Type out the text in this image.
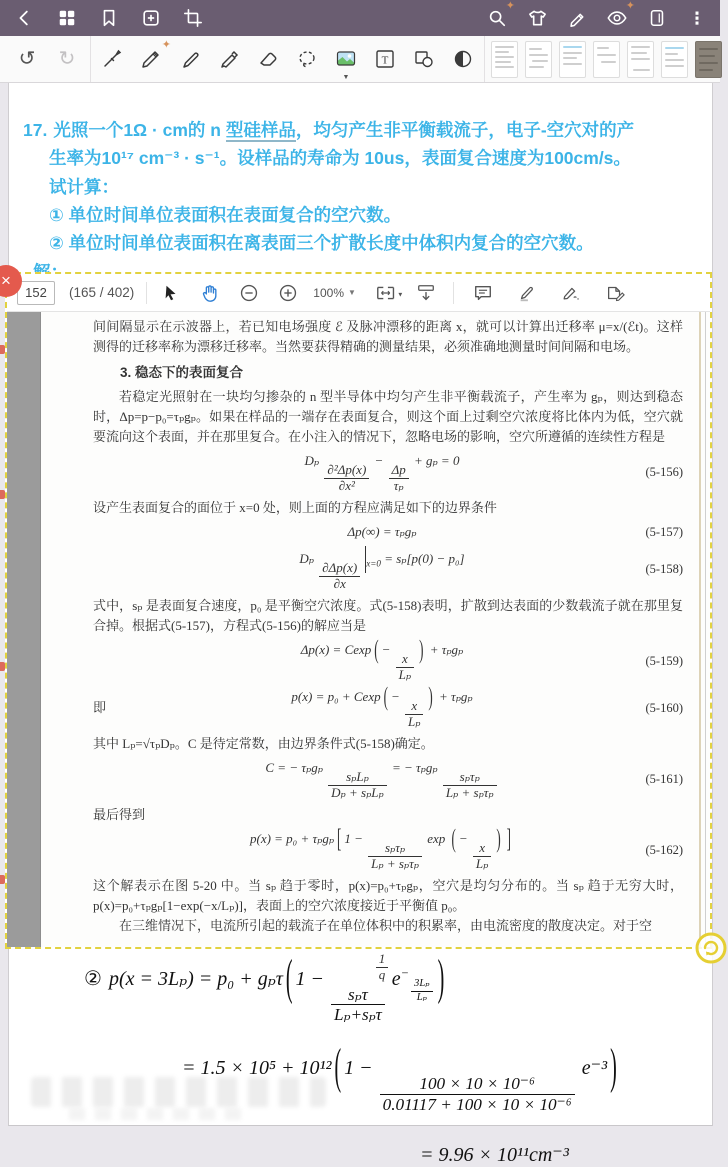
✦	✦
⋮
↺ ↻
✦
▼
T
17. 光照一个1Ω · cm的 n 型硅样品，均匀产生非平衡载流子，电子-空穴对的产
生率为10¹⁷ cm⁻³ · s⁻¹。设样品的寿命为 10us，表面复合速度为100cm/s。
试计算：
① 单位时间单位表面积在表面复合的空穴数。
② 单位时间单位表面积在离表面三个扩散长度中体积内复合的空穴数。
×
152	(165 / 402)	100% ▼	▼

间间隔显示在示波器上，若已知电场强度 ℰ 及脉冲漂移的距离 x，就可以计算出迁移率 μ=x/(ℰt)。这样测得的迁移率称为漂移迁移率。当然要获得精确的测量结果，必须准确地测量时间间隔和电场。

3. 稳态下的表面复合

若稳定光照射在一块均匀掺杂的 n 型半导体中均匀产生非平衡载流子，产生率为 gₚ，则达到稳态时，Δp=p−p₀=τₚgₚ。如果在样品的一端存在表面复合，则这个面上过剩空穴浓度将比体内为低，空穴就要流向这个表面，并在那里复合。在小注入的情况下，忽略电场的影响，空穴所遵循的连续性方程是

Dₚ
$\frac{\text{∂²Δp(x)}}{\text{∂x²}}$
−
$\frac{\Delta p}{\text{τₚ}}$
+ gₚ = 0
(5-156)

设产生表面复合的面位于 x=0 处，则上面的方程应满足如下的边界条件

Δp(∞) = τₚgₚ	(5-157)
Dₚ
$\frac{\partial\Delta p(x)}{\partial x} _{x=0} = s_p[p(0) - p_0]$
(5-158)

式中，sₚ 是表面复合速度，p₀ 是平衡空穴浓度。式(5-158)表明，扩散到达表面的少数载流子就在那里复合掉。根据式(5-157)，方程式(5-156)的解应当是

Δp(x) = Cexp ( −
$\frac{x}{\text{Lₚ}}$
) + τₚgₚ
(5-159)
即
p(x) = p₀ + Cexp ( −
$\frac{x}{\text{Lₚ}}$
) + τₚgₚ
(5-160)

其中 Lₚ=√τₚDₚ。C 是待定常数，由边界条件式(5-158)确定。

C = − τₚgₚ
$\frac{\text{sₚLₚ}}{\text{Dₚ + sₚLₚ}}$
= − τₚgₚ
$\frac{\text{sₚτₚ}}{\text{Lₚ + sₚτₚ}}$	(5-161)

最后得到

p(x) = p₀ + τₚgₚ [ 1 −
$\frac{\text{sₚτₚ}}{\text{Lₚ + sₚτₚ}}$
exp ( −
$\frac{x}{\text{Lₚ}}$
) ]	(5-162)

这个解表示在图 5-20 中。当 sₚ 趋于零时，p(x)=p₀+τₚgₚ，空穴是均匀分布的。当 sₚ 趋于无穷大时，p(x)=p₀+τₚgₚ[1−exp(−x/Lₚ)]，表面上的空穴浓度接近于平衡值 p₀。

在三维情况下，电流所引起的载流子在单位体积中的积累率，由电流密度的散度决定。对于空

$\frac{1}{q}$
② p(x = 3Lₚ) = p₀ + gₚτ ( 1 −
$\frac{\text{sₚτ}}{\text{Lₚ+sₚτ}}$
$e^{- \frac{\text{3Lₚ}}{\text{Lₚ}}}$ )
= 1.5 × 10⁵ + 10¹² ( 1 −
$\frac{\text{100 × 10 × 10⁻⁶}}{\text{0.01117 + 100 × 10 × 10⁻⁶}}$
e⁻³ )
= 9.96 × 10¹¹cm⁻³
